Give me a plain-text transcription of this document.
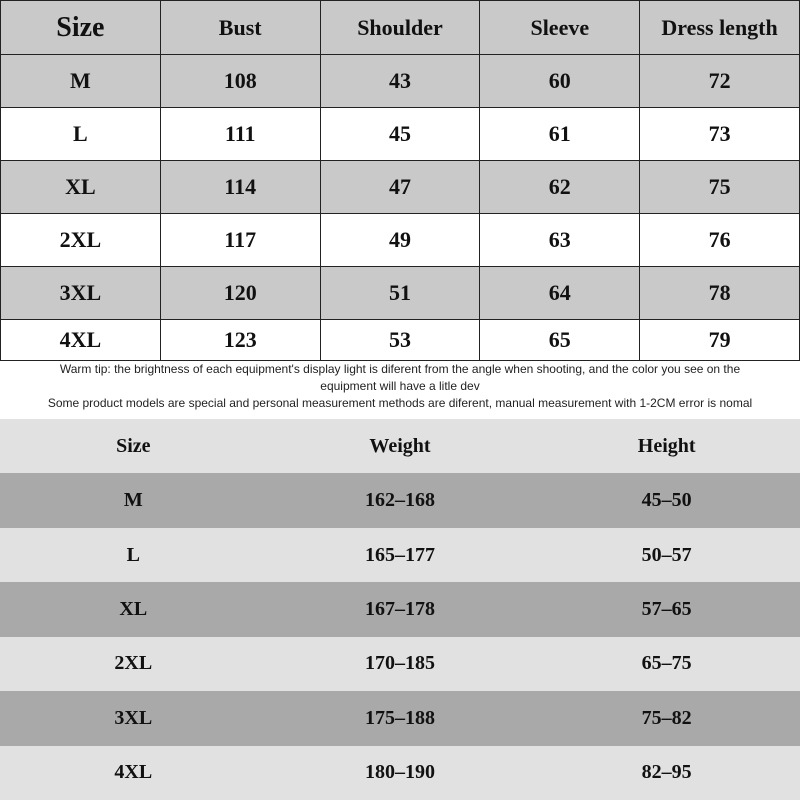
Size	Bust	Shoulder	Sleeve	Dress length
M	108	43	60	72
L	111	45	61	73
XL	114	47	62	75
2XL	117	49	63	76
3XL	120	51	64	78
4XL	123	53	65	79
Warm tip: the brightness of each equipment's display light is diferent from the angle when shooting, and the color you see on the
equipment will have a litle dev
Some product models are special and personal measurement methods are diferent, manual measurement with 1-2CM error is nomal
Size	Weight	Height
M	162–168	45–50
L	165–177	50–57
XL	167–178	57–65
2XL	170–185	65–75
3XL	175–188	75–82
4XL	180–190	82–95
